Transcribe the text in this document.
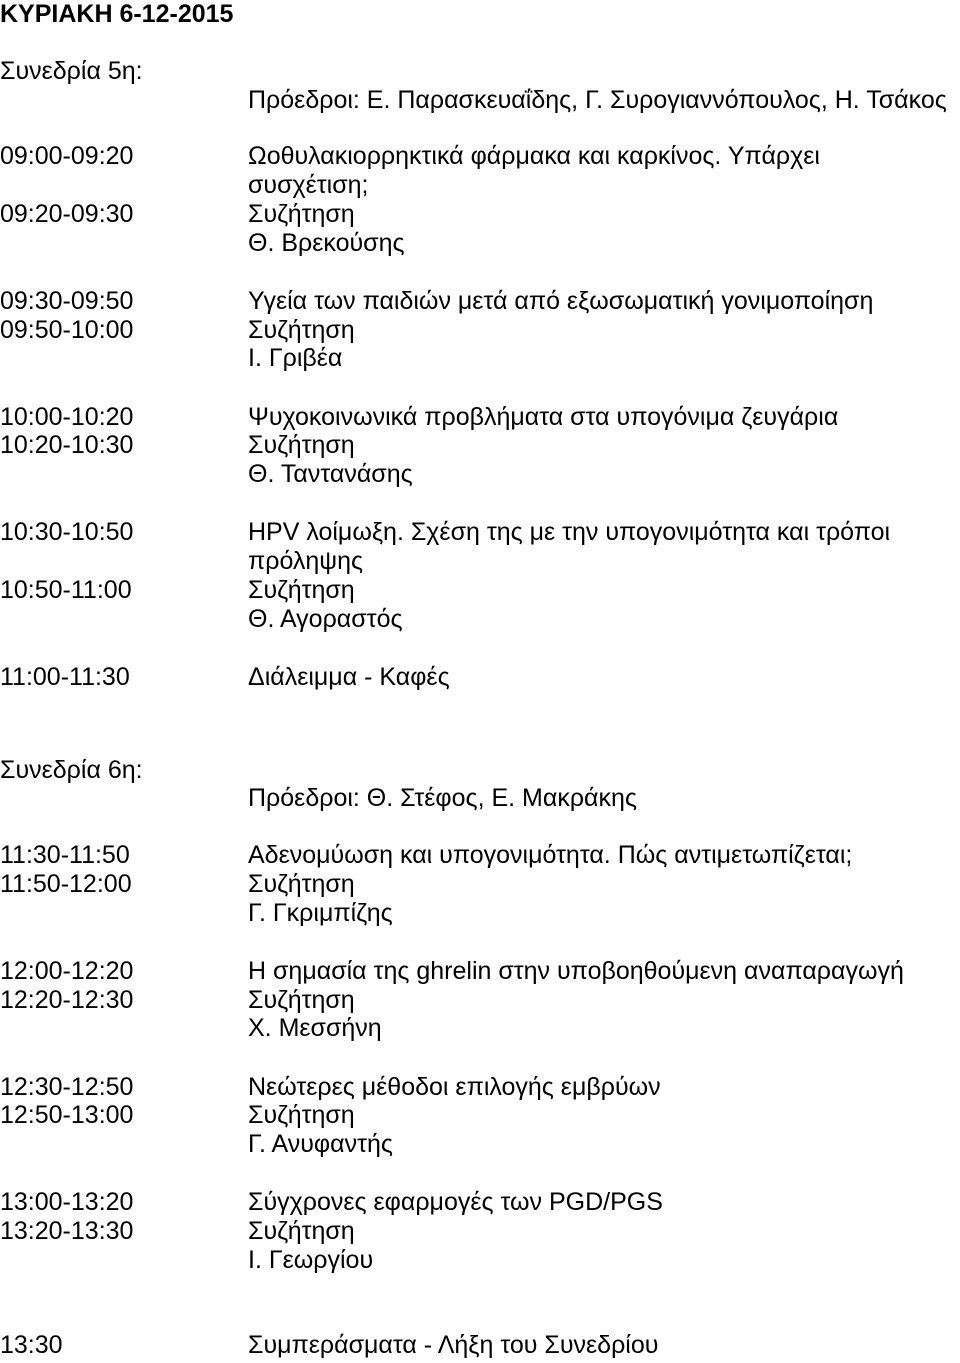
ΚΥΡΙΑΚΗ 6-12-2015
Συνεδρία 5η:
Πρόεδροι: Ε. Παρασκευαΐδης, Γ. Συρογιαννόπουλος, Η. Τσάκος
09:00-09:20	Ωοθυλακιορρηκτικά φάρμακα και καρκίνος. Υπάρχει συσχέτιση;
09:20-09:30	Συζήτηση
Θ. Βρεκούσης
09:30-09:50	Υγεία των παιδιών μετά από εξωσωματική γονιμοποίηση
09:50-10:00	Συζήτηση
Ι. Γριβέα
10:00-10:20	Ψυχοκοινωνικά προβλήματα στα υπογόνιμα ζευγάρια
10:20-10:30	Συζήτηση
Θ. Ταντανάσης
10:30-10:50	HPV λοίμωξη. Σχέση της με την υπογονιμότητα και τρόποι πρόληψης
10:50-11:00	Συζήτηση
Θ. Αγοραστός
11:00-11:30	Διάλειμμα - Καφές
Συνεδρία 6η:
Πρόεδροι: Θ. Στέφος, Ε. Μακράκης
11:30-11:50	Αδενομύωση και υπογονιμότητα. Πώς αντιμετωπίζεται;
11:50-12:00	Συζήτηση
Γ. Γκριμπίζης
12:00-12:20	Η σημασία της ghrelin στην υποβοηθούμενη αναπαραγωγή
12:20-12:30	Συζήτηση
Χ. Μεσσήνη
12:30-12:50	Νεώτερες μέθοδοι επιλογής εμβρύων
12:50-13:00	Συζήτηση
Γ. Ανυφαντής
13:00-13:20	Σύγχρονες εφαρμογές των PGD/PGS
13:20-13:30	Συζήτηση
Ι. Γεωργίου
13:30	Συμπεράσματα - Λήξη του Συνεδρίου
